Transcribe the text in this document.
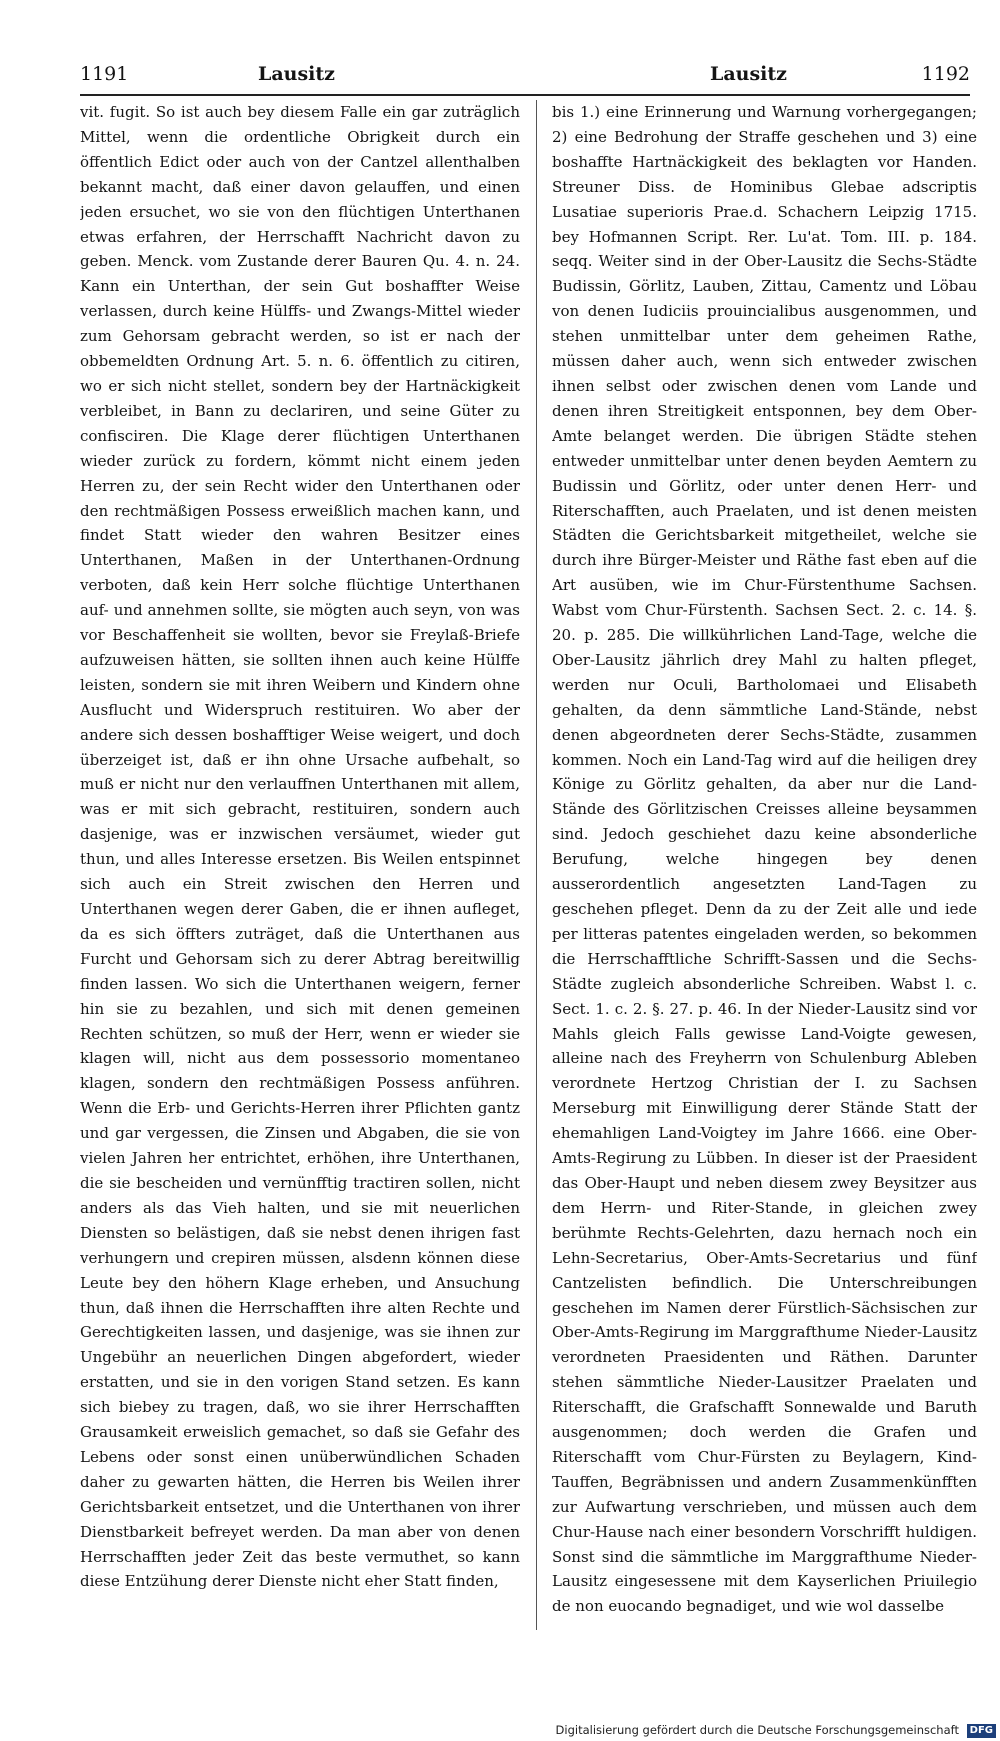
1191	Lausitz	Lausitz	1192

vit. fugit. So ist auch bey diesem Falle ein gar zuträglich Mittel, wenn die ordentliche Obrigkeit durch ein öffentlich Edict oder auch von der Cantzel allenthalben bekannt macht, daß einer davon gelauffen, und einen jeden ersuchet, wo sie von den flüchtigen Unterthanen etwas erfahren, der Herrschafft Nachricht davon zu geben. Menck. vom Zustande derer Bauren Qu. 4. n. 24. Kann ein Unterthan, der sein Gut boshaffter Weise verlassen, durch keine Hülffs- und Zwangs-Mittel wieder zum Gehorsam gebracht werden, so ist er nach der obbemeldten Ordnung Art. 5. n. 6. öffentlich zu citiren, wo er sich nicht stellet, sondern bey der Hartnäckigkeit verbleibet, in Bann zu declariren, und seine Güter zu confisciren. Die Klage derer flüchtigen Unterthanen wieder zurück zu fordern, kömmt nicht einem jeden Herren zu, der sein Recht wider den Unterthanen oder den rechtmäßigen Possess erweißlich machen kann, und findet Statt wieder den wahren Besitzer eines Unterthanen, Maßen in der Unterthanen-Ordnung verboten, daß kein Herr solche flüchtige Unterthanen auf- und annehmen sollte, sie mögten auch seyn, von was vor Beschaffenheit sie wollten, bevor sie Freylaß-Briefe aufzuweisen hätten, sie sollten ihnen auch keine Hülffe leisten, sondern sie mit ihren Weibern und Kindern ohne Ausflucht und Widerspruch restituiren. Wo aber der andere sich dessen boshafftiger Weise weigert, und doch überzeiget ist, daß er ihn ohne Ursache aufbehalt, so muß er nicht nur den verlauffnen Unterthanen mit allem, was er mit sich gebracht, restituiren, sondern auch dasjenige, was er inzwischen versäumet, wieder gut thun, und alles Interesse ersetzen. Bis Weilen entspinnet sich auch ein Streit zwischen den Herren und Unterthanen wegen derer Gaben, die er ihnen aufleget, da es sich öffters zuträget, daß die Unterthanen aus Furcht und Gehorsam sich zu derer Abtrag bereitwillig finden lassen. Wo sich die Unterthanen weigern, ferner hin sie zu bezahlen, und sich mit denen gemeinen Rechten schützen, so muß der Herr, wenn er wieder sie klagen will, nicht aus dem possessorio momentaneo klagen, sondern den rechtmäßigen Possess anführen. Wenn die Erb- und Gerichts-Herren ihrer Pflichten gantz und gar vergessen, die Zinsen und Abgaben, die sie von vielen Jahren her entrichtet, erhöhen, ihre Unterthanen, die sie bescheiden und vernünfftig tractiren sollen, nicht anders als das Vieh halten, und sie mit neuerlichen Diensten so belästigen, daß sie nebst denen ihrigen fast verhungern und crepiren müssen, alsdenn können diese Leute bey den höhern Klage erheben, und Ansuchung thun, daß ihnen die Herrschafften ihre alten Rechte und Gerechtigkeiten lassen, und dasjenige, was sie ihnen zur Ungebühr an neuerlichen Dingen abgefordert, wieder erstatten, und sie in den vorigen Stand setzen. Es kann sich biebey zu tragen, daß, wo sie ihrer Herrschafften Grausamkeit erweislich gemachet, so daß sie Gefahr des Lebens oder sonst einen unüberwündlichen Schaden daher zu gewarten hätten, die Herren bis Weilen ihrer Gerichtsbarkeit entsetzet, und die Unterthanen von ihrer Dienstbarkeit befreyet werden. Da man aber von denen Herrschafften jeder Zeit das beste vermuthet, so kann diese Entzühung derer Dienste nicht eher Statt finden,

bis 1.) eine Erinnerung und Warnung vorhergegangen; 2) eine Bedrohung der Straffe geschehen und 3) eine boshaffte Hartnäckigkeit des beklagten vor Handen. Streuner Diss. de Hominibus Glebae adscriptis Lusatiae superioris Prae.d. Schachern Leipzig 1715. bey Hofmannen Script. Rer. Lu'at. Tom. III. p. 184. seqq. Weiter sind in der Ober-Lausitz die Sechs-Städte Budissin, Görlitz, Lauben, Zittau, Camentz und Löbau von denen Iudiciis prouincialibus ausgenommen, und stehen unmittelbar unter dem geheimen Rathe, müssen daher auch, wenn sich entweder zwischen ihnen selbst oder zwischen denen vom Lande und denen ihren Streitigkeit entsponnen, bey dem Ober-Amte belanget werden. Die übrigen Städte stehen entweder unmittelbar unter denen beyden Aemtern zu Budissin und Görlitz, oder unter denen Herr- und Riterschafften, auch Praelaten, und ist denen meisten Städten die Gerichtsbarkeit mitgetheilet, welche sie durch ihre Bürger-Meister und Räthe fast eben auf die Art ausüben, wie im Chur-Fürstenthume Sachsen. Wabst vom Chur-Fürstenth. Sachsen Sect. 2. c. 14. §. 20. p. 285. Die willkührlichen Land-Tage, welche die Ober-Lausitz jährlich drey Mahl zu halten pfleget, werden nur Oculi, Bartholomaei und Elisabeth gehalten, da denn sämmtliche Land-Stände, nebst denen abgeordneten derer Sechs-Städte, zusammen kommen. Noch ein Land-Tag wird auf die heiligen drey Könige zu Görlitz gehalten, da aber nur die Land-Stände des Görlitzischen Creisses alleine beysammen sind. Jedoch geschiehet dazu keine absonderliche Berufung, welche hingegen bey denen ausserordentlich angesetzten Land-Tagen zu geschehen pfleget. Denn da zu der Zeit alle und iede per litteras patentes eingeladen werden, so bekommen die Herrschafftliche Schrifft-Sassen und die Sechs-Städte zugleich absonderliche Schreiben. Wabst l. c. Sect. 1. c. 2. §. 27. p. 46. In der Nieder-Lausitz sind vor Mahls gleich Falls gewisse Land-Voigte gewesen, alleine nach des Freyherrn von Schulenburg Ableben verordnete Hertzog Christian der I. zu Sachsen Merseburg mit Einwilligung derer Stände Statt der ehemahligen Land-Voigtey im Jahre 1666. eine Ober-Amts-Regirung zu Lübben. In dieser ist der Praesident das Ober-Haupt und neben diesem zwey Beysitzer aus dem Herrn- und Riter-Stande, in gleichen zwey berühmte Rechts-Gelehrten, dazu hernach noch ein Lehn-Secretarius, Ober-Amts-Secretarius und fünf Cantzelisten befindlich. Die Unterschreibungen geschehen im Namen derer Fürstlich-Sächsischen zur Ober-Amts-Regirung im Marggrafthume Nieder-Lausitz verordneten Praesidenten und Räthen. Darunter stehen sämmtliche Nieder-Lausitzer Praelaten und Riterschafft, die Grafschafft Sonnewalde und Baruth ausgenommen; doch werden die Grafen und Riterschafft vom Chur-Fürsten zu Beylagern, Kind-Tauffen, Begräbnissen und andern Zusammenkünfften zur Aufwartung verschrieben, und müssen auch dem Chur-Hause nach einer besondern Vorschrifft huldigen. Sonst sind die sämmtliche im Marggrafthume Nieder-Lausitz eingesessene mit dem Kayserlichen Priuilegio de non euocando begnadiget, und wie wol dasselbe

Digitalisierung gefördert durch die Deutsche Forschungsgemeinschaft DFG
